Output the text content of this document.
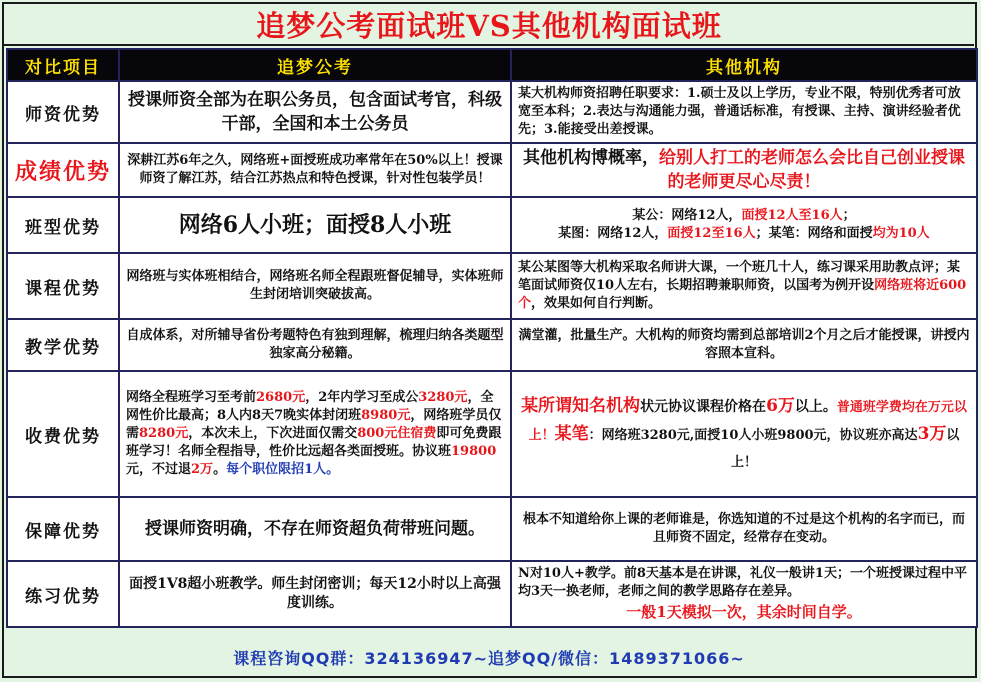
追梦公考面试班VS其他机构面试班
对比项目	追梦公考	其他机构
师资优势	授课师资全部为在职公务员，包含面试考官，科级干部，全国和本土公务员	某大机构师资招聘任职要求：1.硕士及以上学历，专业不限，特别优秀者可放宽至本科；2.表达与沟通能力强，普通话标准，有授课、主持、演讲经验者优先；3.能接受出差授课。
成绩优势	深耕江苏6年之久，网络班+面授班成功率常年在50%以上！授课师资了解江苏，结合江苏热点和特色授课，针对性包装学员！	其他机构博概率，给别人打工的老师怎么会比自己创业授课的老师更尽心尽责！
班型优势	网络6人小班；面授8人小班	某公：网络12人，面授12人至16人；
某图：网络12人，面授12至16人；某笔：网络和面授均为10人
课程优势	网络班与实体班相结合，网络班名师全程跟班督促辅导，实体班师生封闭培训突破拔高。	某公某图等大机构采取名师讲大课，一个班几十人，练习课采用助教点评；某笔面试师资仅10人左右，长期招聘兼职师资，以国考为例开设网络班将近600个，效果如何自行判断。
教学优势	自成体系，对所辅导省份考题特色有独到理解，梳理归纳各类题型独家高分秘籍。	满堂灌，批量生产。大机构的师资均需到总部培训2个月之后才能授课，讲授内容照本宣科。
收费优势	网络全程班学习至考前2680元，2年内学习至成公3280元，全网性价比最高；8人内8天7晚实体封闭班8980元，网络班学员仅需8280元，本次未上，下次进面仅需交800元住宿费即可免费跟班学习！名师全程指导，性价比远超各类面授班。协议班19800元，不过退2万。每个职位限招1人。	某所谓知名机构状元协议课程价格在6万以上。普通班学费均在万元以上！某笔：网络班3280元,面授10人小班9800元，协议班亦高达3万以上！
保障优势	授课师资明确，不存在师资超负荷带班问题。	根本不知道给你上课的老师谁是，你选知道的不过是这个机构的名字而已，而且师资不固定，经常存在变动。
练习优势	面授1V8超小班教学。师生封闭密训；每天12小时以上高强度训练。	N对10人+教学。前8天基本是在讲课，礼仪一般讲1天；一个班授课过程中平均3天一换老师，老师之间的教学思路存在差异。

一般1天模拟一次，其余时间自学。
课程咨询QQ群：324136947~追梦QQ/微信：1489371066~
